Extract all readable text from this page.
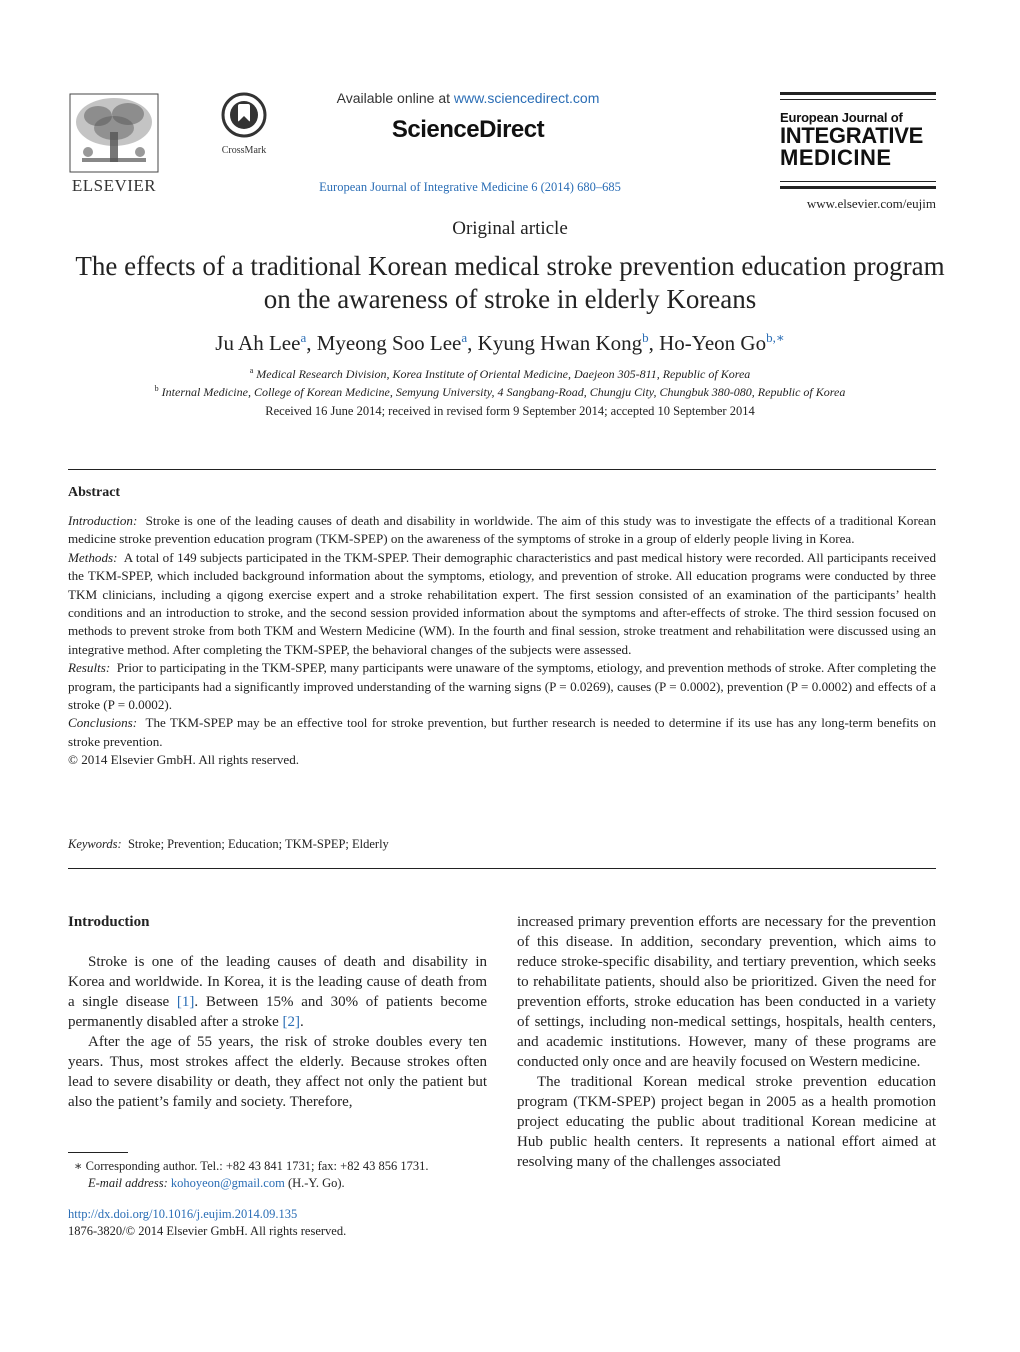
ELSEVIER
CrossMark
Available online at www.sciencedirect.com
ScienceDirect
European Journal of Integrative Medicine 6 (2014) 680–685
European Journal of
INTEGRATIVE
MEDICINE
www.elsevier.com/eujim
Original article
The effects of a traditional Korean medical stroke prevention education program on the awareness of stroke in elderly Koreans
Ju Ah Lee$^a$, Myeong Soo Lee$^a$, Kyung Hwan Kong$^b$, Ho-Yeon $Go^{b,∗}$
$^a$ Medical Research Division, Korea Institute of Oriental Medicine, Daejeon 305-811, Republic of Korea
$^b$ Internal Medicine, College of Korean Medicine, Semyung University, 4 Sangbang-Road, Chungju City, Chungbuk 380-080, Republic of Korea
Received 16 June 2014; received in revised form 9 September 2014; accepted 10 September 2014
Abstract

Introduction: Stroke is one of the leading causes of death and disability in worldwide. The aim of this study was to investigate the effects of a traditional Korean medicine stroke prevention education program (TKM-SPEP) on the awareness of the symptoms of stroke in a group of elderly people living in Korea.

Methods: A total of 149 subjects participated in the TKM-SPEP. Their demographic characteristics and past medical history were recorded. All participants received the TKM-SPEP, which included background information about the symptoms, etiology, and prevention of stroke. All education programs were conducted by three TKM clinicians, including a qigong exercise expert and a stroke rehabilitation expert. The first session consisted of an examination of the participants’ health conditions and an introduction to stroke, and the second session provided information about the symptoms and after-effects of stroke. The third session focused on methods to prevent stroke from both TKM and Western Medicine (WM). In the fourth and final session, stroke treatment and rehabilitation were discussed using an integrative method. After completing the TKM-SPEP, the behavioral changes of the subjects were assessed.

Results: Prior to participating in the TKM-SPEP, many participants were unaware of the symptoms, etiology, and prevention methods of stroke. After completing the program, the participants had a significantly improved understanding of the warning signs (P = 0.0269), causes (P = 0.0002), prevention (P = 0.0002) and effects of a stroke (P = 0.0002).

Conclusions: The TKM-SPEP may be an effective tool for stroke prevention, but further research is needed to determine if its use has any long-term benefits on stroke prevention.

© 2014 Elsevier GmbH. All rights reserved.

Keywords: Stroke; Prevention; Education; TKM-SPEP; Elderly

Introduction

Stroke is one of the leading causes of death and disability in Korea and worldwide. In Korea, it is the leading cause of death from a single disease [1]. Between 15% and 30% of patients become permanently disabled after a stroke [2].

After the age of 55 years, the risk of stroke doubles every ten years. Thus, most strokes affect the elderly. Because strokes often lead to severe disability or death, they affect not only the patient but also the patient’s family and society. Therefore,

increased primary prevention efforts are necessary for the prevention of this disease. In addition, secondary prevention, which aims to reduce stroke-specific disability, and tertiary prevention, which seeks to rehabilitate patients, should also be prioritized. Given the need for prevention efforts, stroke education has been conducted in a variety of settings, including non-medical settings, hospitals, health centers, and academic institutions. However, many of these programs are conducted only once and are heavily focused on Western medicine.

The traditional Korean medical stroke prevention education program (TKM-SPEP) project began in 2005 as a health promotion project educating the public about traditional Korean medicine at Hub public health centers. It represents a national effort aimed at resolving many of the challenges associated

∗ Corresponding author. Tel.: +82 43 841 1731; fax: +82 43 856 1731.
E-mail address: kohoyeon@gmail.com (H.-Y. Go).
http://dx.doi.org/10.1016/j.eujim.2014.09.135
1876-3820/© 2014 Elsevier GmbH. All rights reserved.
